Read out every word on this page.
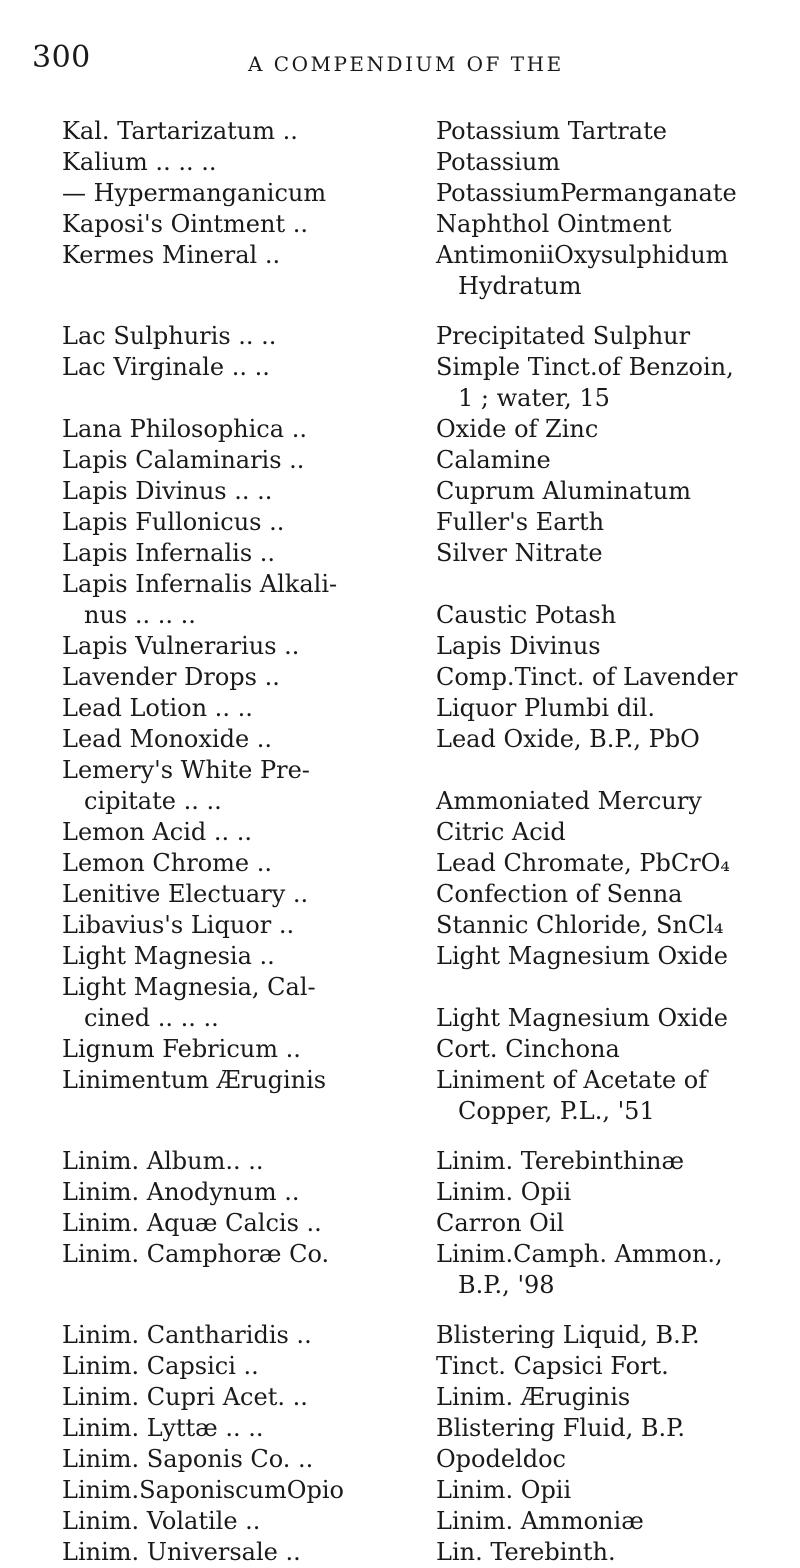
300	A COMPENDIUM OF THE
Kal. Tartarizatum ..	Potassium Tartrate
Kalium .. .. ..	Potassium
— Hypermanganicum	PotassiumPermanganate
Kaposi's Ointment ..	Naphthol Ointment
Kermes Mineral ..	AntimoniiOxysulphidum
Hydratum
Lac Sulphuris .. ..	Precipitated Sulphur
Lac Virginale .. ..	Simple Tinct.of Benzoin,
1 ; water, 15
Lana Philosophica ..	Oxide of Zinc
Lapis Calaminaris ..	Calamine
Lapis Divinus .. ..	Cuprum Aluminatum
Lapis Fullonicus ..	Fuller's Earth
Lapis Infernalis ..	Silver Nitrate
Lapis Infernalis Alkali-
nus .. .. ..	Caustic Potash
Lapis Vulnerarius ..	Lapis Divinus
Lavender Drops ..	Comp.Tinct. of Lavender
Lead Lotion .. ..	Liquor Plumbi dil.
Lead Monoxide ..	Lead Oxide, B.P., PbO
Lemery's White Pre-
cipitate .. ..	Ammoniated Mercury
Lemon Acid .. ..	Citric Acid
Lemon Chrome ..	Lead Chromate, PbCrO₄
Lenitive Electuary ..	Confection of Senna
Libavius's Liquor ..	Stannic Chloride, SnCl₄
Light Magnesia ..	Light Magnesium Oxide
Light Magnesia, Cal-
cined .. .. ..	Light Magnesium Oxide
Lignum Febricum ..	Cort. Cinchona
Linimentum Æruginis	Liniment of Acetate of
Copper, P.L., '51
Linim. Album.. ..	Linim. Terebinthinæ
Linim. Anodynum ..	Linim. Opii
Linim. Aquæ Calcis ..	Carron Oil
Linim. Camphoræ Co.	Linim.Camph. Ammon.,
B.P., '98
Linim. Cantharidis ..	Blistering Liquid, B.P.
Linim. Capsici ..	Tinct. Capsici Fort.
Linim. Cupri Acet. ..	Linim. Æruginis
Linim. Lyttæ .. ..	Blistering Fluid, B.P.
Linim. Saponis Co. ..	Opodeldoc
Linim.SaponiscumOpio	Linim. Opii
Linim. Volatile ..	Linim. Ammoniæ
Linim. Universale ..	Lin. Terebinth.
